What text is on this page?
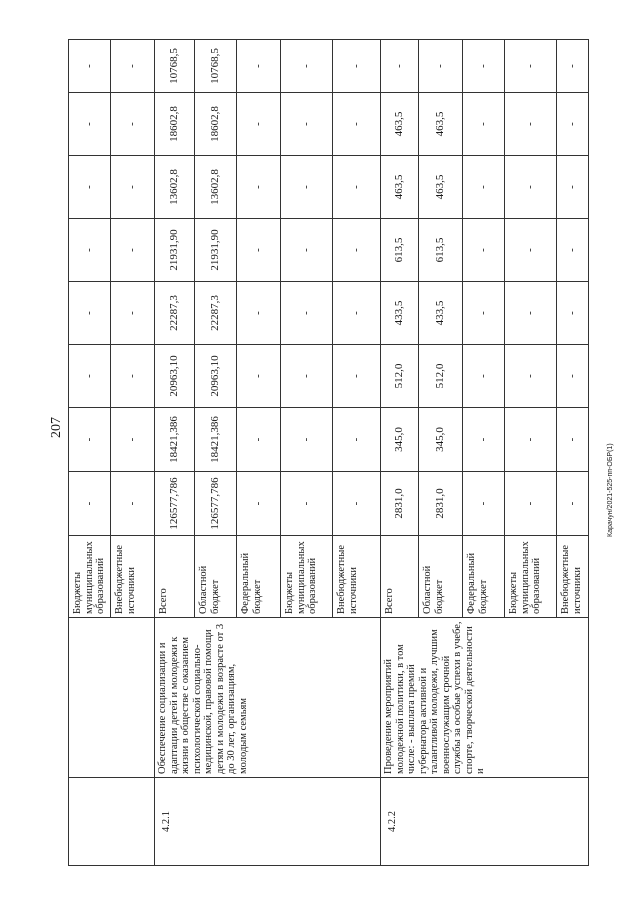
207
Карачун/2021-525-пп-ОБР(1)
		Бюджеты муниципальных образований	-	-	-	-	-	-	-	-
		Внебюджетные источники	-	-	-	-	-	-	-	-
4.2.1	Обеспечение социализации и адаптации детей и молодежи к жизни в обществе с оказанием психологической социально-медицинской, правовой помощи детям и молодежи в возрасте от 3 до 30 лет, организациям, молодым семьям	Всего	126577,786	18421,386	20963,10	22287,3	21931,90	13602,8	18602,8	10768,5
		Областной бюджет	126577,786	18421,386	20963,10	22287,3	21931,90	13602,8	18602,8	10768,5
		Федеральный бюджет	-	-	-	-	-	-	-	-
		Бюджеты муниципальных образований	-	-	-	-	-	-	-	-
		Внебюджетные источники	-	-	-	-	-	-	-	-
4.2.2	Проведение мероприятий молодежной политики, в том числе: - выплата премий губернатора активной и талантливой молодежи, лучшим военнослужащим срочной службы за особые успехи в учебе, спорте, творческой деятельности и	Всего	2831,0	345,0	512,0	433,5	613,5	463,5	463,5	-
		Областной бюджет	2831,0	345,0	512,0	433,5	613,5	463,5	463,5	-
		Федеральный бюджет	-	-	-	-	-	-	-	-
		Бюджеты муниципальных образований	-	-	-	-	-	-	-	-
		Внебюджетные источники	-	-	-	-	-	-	-	-
